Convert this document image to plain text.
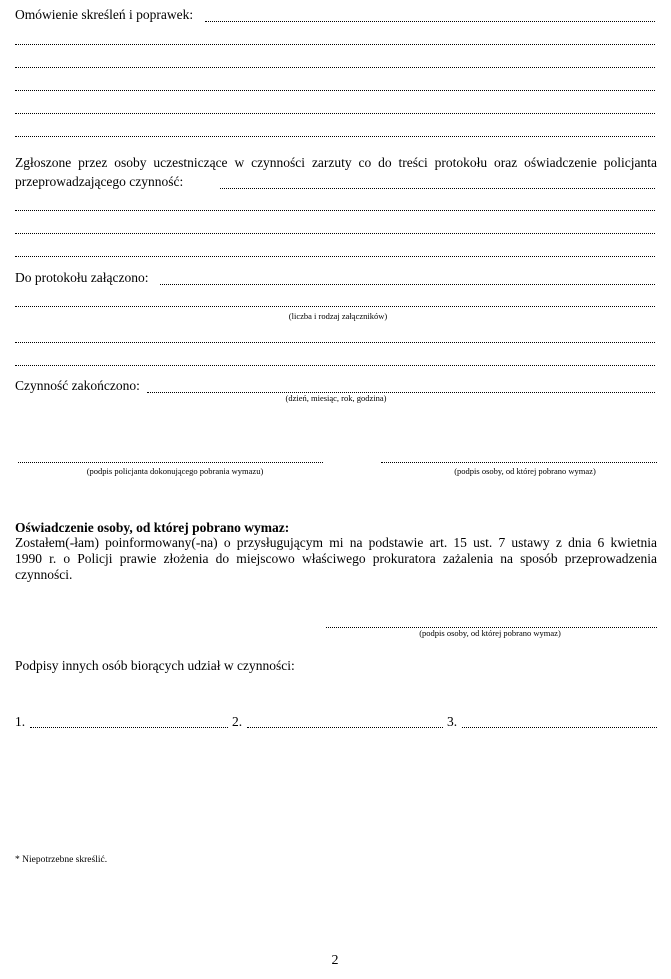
Omówienie skreśleń i poprawek:
Zgłoszone przez osoby uczestniczące w czynności zarzuty co do treści protokołu oraz oświadczenie policjanta
przeprowadzającego czynność:
Do protokołu załączono:
(liczba i rodzaj załączników)
Czynność zakończono:
(dzień, miesiąc, rok, godzina)
(podpis policjanta dokonującego pobrania wymazu)	(podpis osoby, od której pobrano wymaz)
Oświadczenie osoby, od której pobrano wymaz:
Zostałem(-łam) poinformowany(-na) o przysługującym mi na podstawie art. 15 ust. 7 ustawy z dnia 6 kwietnia
1990 r. o Policji prawie złożenia do miejscowo właściwego prokuratora zażalenia na sposób przeprowadzenia
czynności.
(podpis osoby, od której pobrano wymaz)
Podpisy innych osób biorących udział w czynności:
1.	2.	3.
* Niepotrzebne skreślić.
2
